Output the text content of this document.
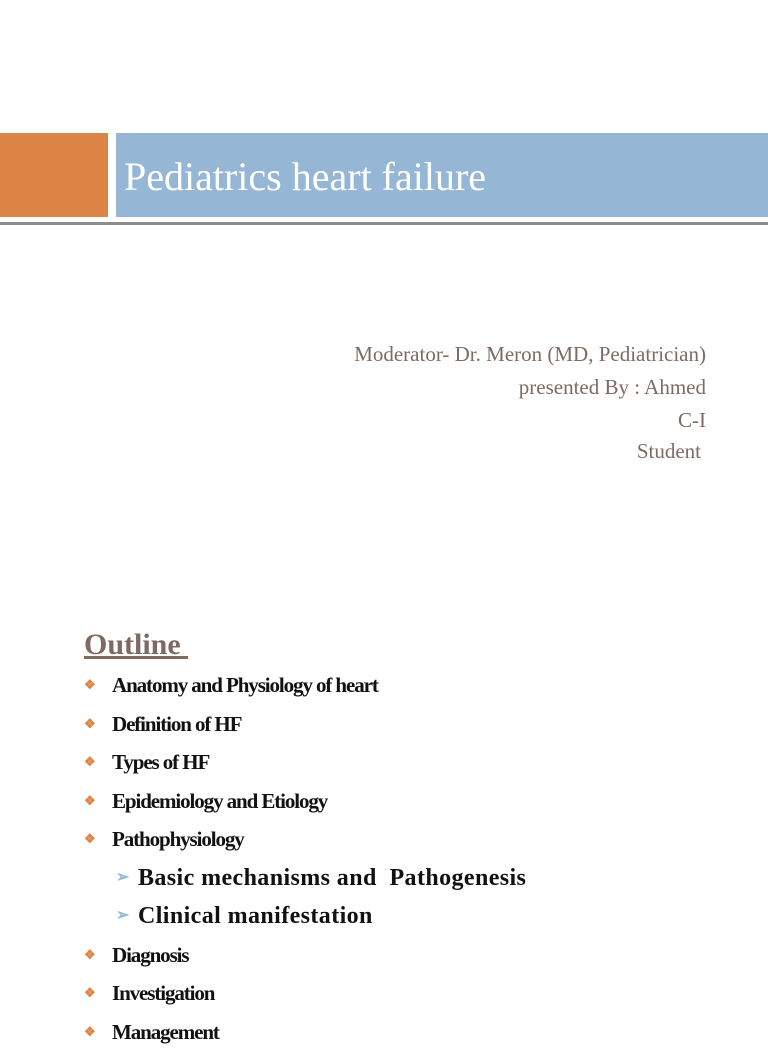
Pediatrics heart failure
Moderator- Dr. Meron (MD, Pediatrician)
presented By : Ahmed
C-I
Student
Outline
❖ Anatomy and Physiology of heart
❖ Definition of HF
❖ Types of HF
❖ Epidemiology and Etiology
❖ Pathophysiology
➢ Basic mechanisms and  Pathogenesis
➢ Clinical manifestation
❖ Diagnosis
❖ Investigation
❖ Management
